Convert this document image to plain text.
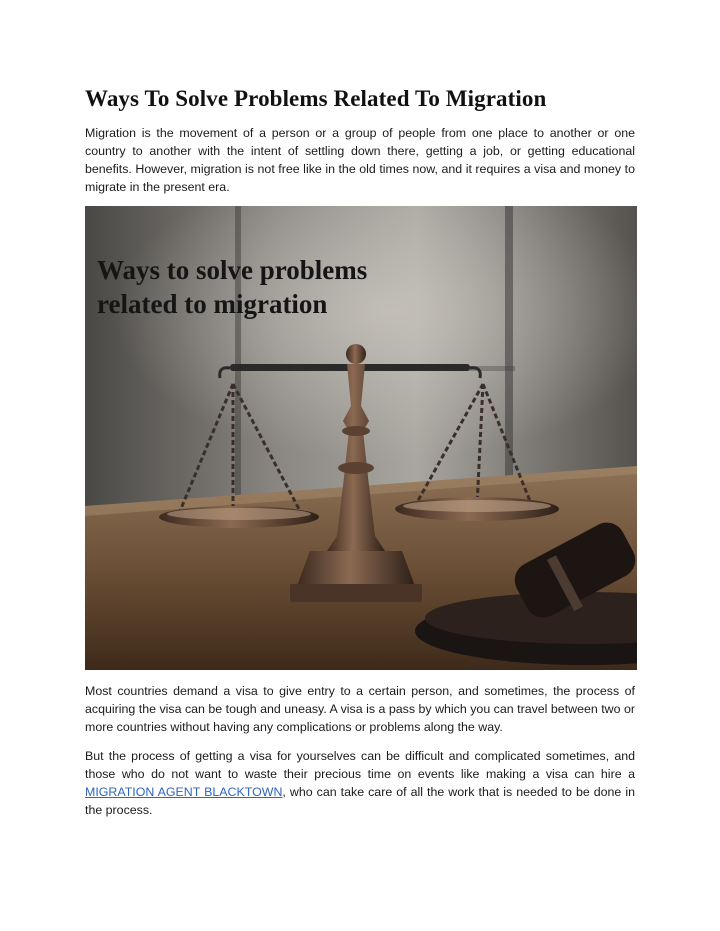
Ways To Solve Problems Related To Migration

Migration is the movement of a person or a group of people from one place to another or one country to another with the intent of settling down there, getting a job, or getting educational benefits. However, migration is not free like in the old times now, and it requires a visa and money to migrate in the present era.

Ways to solve problems
related to migration

Most countries demand a visa to give entry to a certain person, and sometimes, the process of acquiring the visa can be tough and uneasy. A visa is a pass by which you can travel between two or more countries without having any complications or problems along the way.

But the process of getting a visa for yourselves can be difficult and complicated sometimes, and those who do not want to waste their precious time on events like making a visa can hire a MIGRATION AGENT BLACKTOWN, who can take care of all the work that is needed to be done in the process.
